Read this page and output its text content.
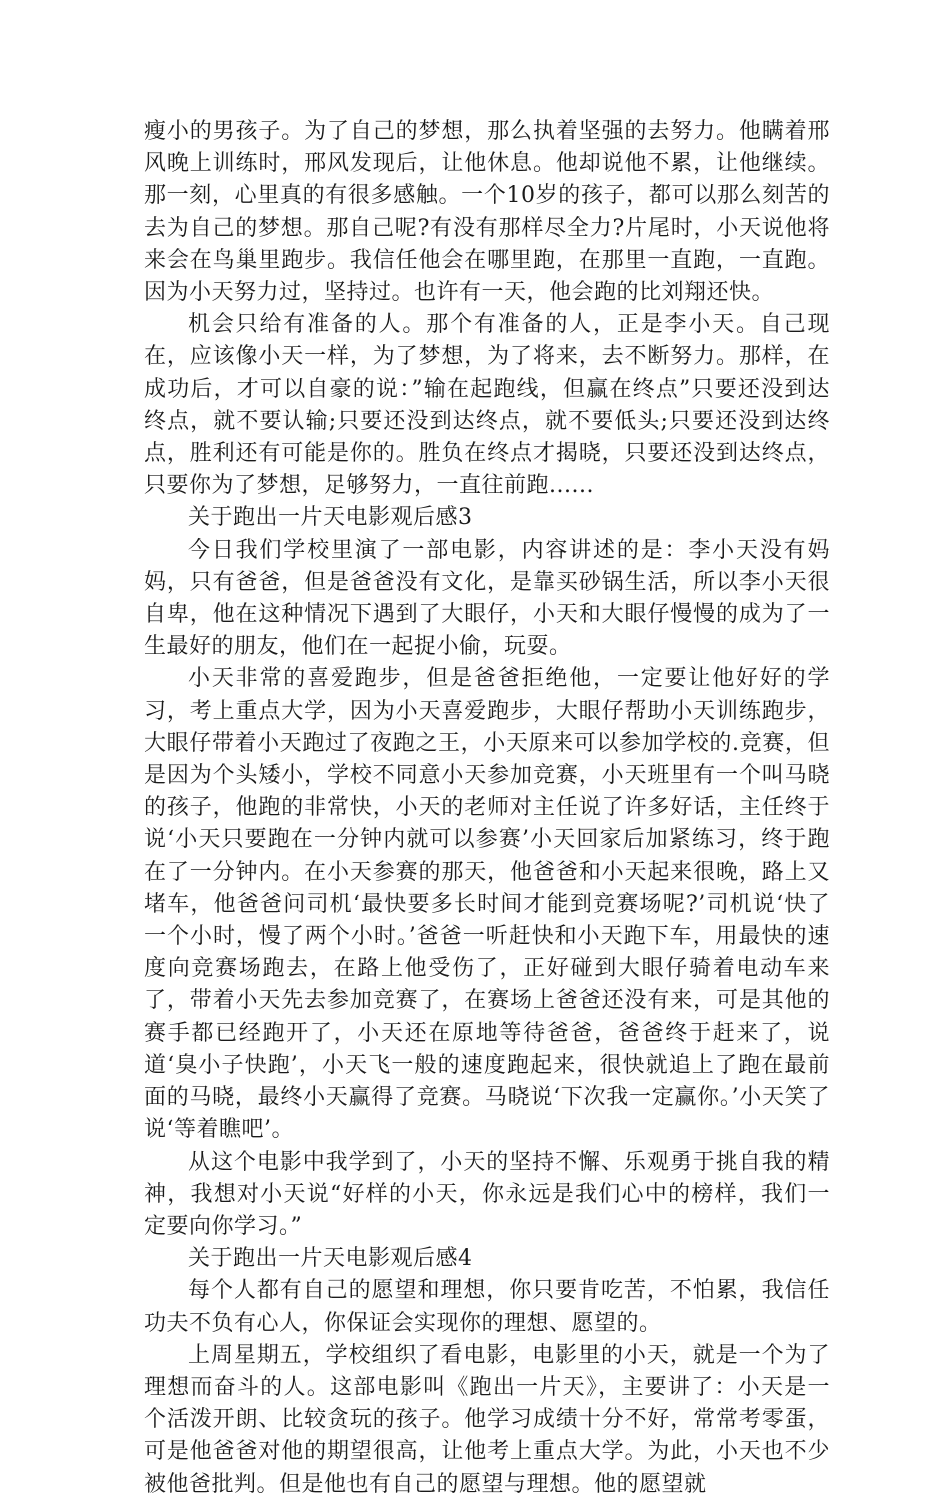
瘦小的男孩子。为了自己的梦想，那么执着坚强的去努力。他瞒着邢风晚上训练时，邢风发现后，让他休息。他却说他不累，让他继续。那一刻，心里真的有很多感触。一个10岁的孩子，都可以那么刻苦的去为自己的梦想。那自己呢?有没有那样尽全力?片尾时，小天说他将来会在鸟巢里跑步。我信任他会在哪里跑，在那里一直跑，一直跑。因为小天努力过，坚持过。也许有一天，他会跑的比刘翔还快。

机会只给有准备的人。那个有准备的人，正是李小天。自己现在，应该像小天一样，为了梦想，为了将来，去不断努力。那样，在成功后，才可以自豪的说：”输在起跑线，但赢在终点”只要还没到达终点，就不要认输;只要还没到达终点，就不要低头;只要还没到达终点，胜利还有可能是你的。胜负在终点才揭晓，只要还没到达终点，只要你为了梦想，足够努力，一直往前跑......

关于跑出一片天电影观后感3

今日我们学校里演了一部电影，内容讲述的是：李小天没有妈妈，只有爸爸，但是爸爸没有文化，是靠买砂锅生活，所以李小天很自卑，他在这种情况下遇到了大眼仔，小天和大眼仔慢慢的成为了一生最好的朋友，他们在一起捉小偷，玩耍。

小天非常的喜爱跑步，但是爸爸拒绝他，一定要让他好好的学习，考上重点大学，因为小天喜爱跑步，大眼仔帮助小天训练跑步，大眼仔带着小天跑过了夜跑之王，小天原来可以参加学校的.竞赛，但是因为个头矮小，学校不同意小天参加竞赛，小天班里有一个叫马晓的孩子，他跑的非常快，小天的老师对主任说了许多好话，主任终于说‘小天只要跑在一分钟内就可以参赛’小天回家后加紧练习，终于跑在了一分钟内。在小天参赛的那天，他爸爸和小天起来很晚，路上又堵车，他爸爸问司机‘最快要多长时间才能到竞赛场呢?’司机说‘快了一个小时，慢了两个小时。’爸爸一听赶快和小天跑下车，用最快的速度向竞赛场跑去，在路上他受伤了，正好碰到大眼仔骑着电动车来了，带着小天先去参加竞赛了，在赛场上爸爸还没有来，可是其他的赛手都已经跑开了，小天还在原地等待爸爸，爸爸终于赶来了，说道‘臭小子快跑’，小天飞一般的速度跑起来，很快就追上了跑在最前面的马晓，最终小天赢得了竞赛。马晓说‘下次我一定赢你。’小天笑了说‘等着瞧吧’。

从这个电影中我学到了，小天的坚持不懈、乐观勇于挑自我的精神，我想对小天说“好样的小天，你永远是我们心中的榜样，我们一定要向你学习。”

关于跑出一片天电影观后感4

每个人都有自己的愿望和理想，你只要肯吃苦，不怕累，我信任功夫不负有心人，你保证会实现你的理想、愿望的。

上周星期五，学校组织了看电影，电影里的小天，就是一个为了理想而奋斗的人。这部电影叫《跑出一片天》，主要讲了：小天是一个活泼开朗、比较贪玩的孩子。他学习成绩十分不好，常常考零蛋，可是他爸爸对他的期望很高，让他考上重点大学。为此，小天也不少被他爸批判。但是他也有自己的愿望与理想。他的愿望就
